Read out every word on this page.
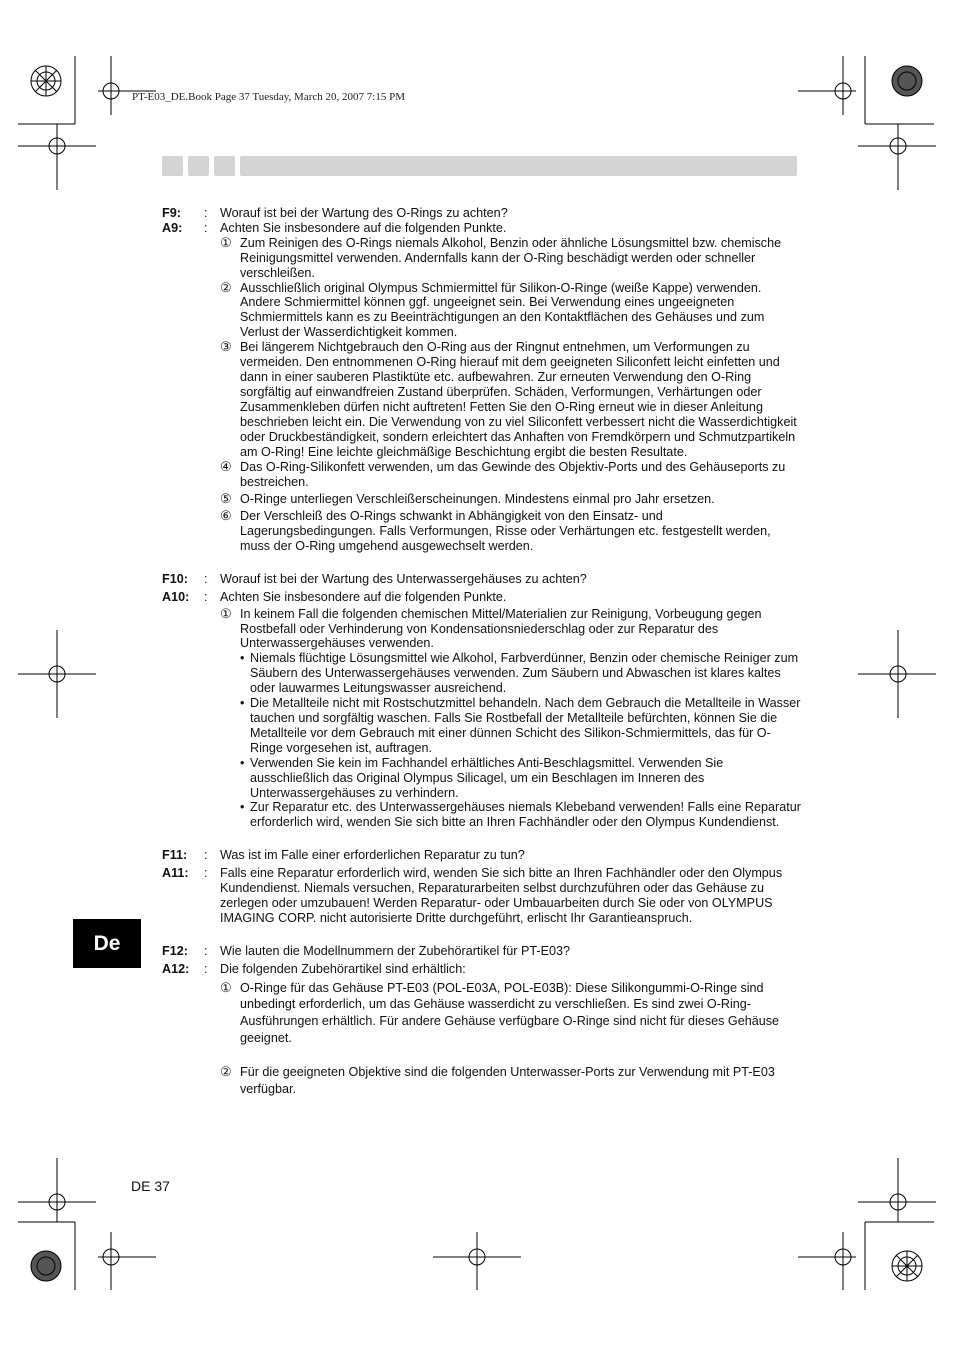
PT-E03_DE.Book Page 37 Tuesday, March 20, 2007 7:15 PM
F9:	: Worauf ist bei der Wartung des O-Rings zu achten?
A9:	: Achten Sie insbesondere auf die folgenden Punkte.
① Zum Reinigen des O-Rings niemals Alkohol, Benzin oder ähnliche Lösungsmittel bzw. chemische Reinigungsmittel verwenden. Andernfalls kann der O-Ring beschädigt werden oder schneller verschleißen.
② Ausschließlich original Olympus Schmiermittel für Silikon-O-Ringe (weiße Kappe) verwenden. Andere Schmiermittel können ggf. ungeeignet sein. Bei Verwendung eines ungeeigneten Schmiermittels kann es zu Beeinträchtigungen an den Kontaktflächen des Gehäuses und zum Verlust der Wasserdichtigkeit kommen.
③ Bei längerem Nichtgebrauch den O-Ring aus der Ringnut entnehmen, um Verformungen zu vermeiden. Den entnommenen O-Ring hierauf mit dem geeigneten Siliconfett leicht einfetten und dann in einer sauberen Plastiktüte etc. aufbewahren. Zur erneuten Verwendung den O-Ring sorgfältig auf einwandfreien Zustand überprüfen. Schäden, Verformungen, Verhärtungen oder Zusammenkleben dürfen nicht auftreten! Fetten Sie den O-Ring erneut wie in dieser Anleitung beschrieben leicht ein. Die Verwendung von zu viel Siliconfett verbessert nicht die Wasserdichtigkeit oder Druckbeständigkeit, sondern erleichtert das Anhaften von Fremdkörpern und Schmutzpartikeln am O-Ring! Eine leichte gleichmäßige Beschichtung ergibt die besten Resultate.
④ Das O-Ring-Silikonfett verwenden, um das Gewinde des Objektiv-Ports und des Gehäuseports zu bestreichen.
⑤ O-Ringe unterliegen Verschleißerscheinungen. Mindestens einmal pro Jahr ersetzen.
⑥ Der Verschleiß des O-Rings schwankt in Abhängigkeit von den Einsatz- und Lagerungsbedingungen. Falls Verformungen, Risse oder Verhärtungen etc. festgestellt werden, muss der O-Ring umgehend ausgewechselt werden.
F10:	: Worauf ist bei der Wartung des Unterwassergehäuses zu achten?
A10:	: Achten Sie insbesondere auf die folgenden Punkte.
① In keinem Fall die folgenden chemischen Mittel/Materialien zur Reinigung, Vorbeugung gegen Rostbefall oder Verhinderung von Kondensationsniederschlag oder zur Reparatur des Unterwassergehäuses verwenden.
• Niemals flüchtige Lösungsmittel wie Alkohol, Farbverdünner, Benzin oder chemische Reiniger zum Säubern des Unterwassergehäuses verwenden. Zum Säubern und Abwaschen ist klares kaltes oder lauwarmes Leitungswasser ausreichend.
• Die Metallteile nicht mit Rostschutzmittel behandeln. Nach dem Gebrauch die Metallteile in Wasser tauchen und sorgfältig waschen. Falls Sie Rostbefall der Metallteile befürchten, können Sie die Metallteile vor dem Gebrauch mit einer dünnen Schicht des Silikon-Schmiermittels, das für O-Ringe vorgesehen ist, auftragen.
• Verwenden Sie kein im Fachhandel erhältliches Anti-Beschlagsmittel. Verwenden Sie ausschließlich das Original Olympus Silicagel, um ein Beschlagen im Inneren des Unterwassergehäuses zu verhindern.
• Zur Reparatur etc. des Unterwassergehäuses niemals Klebeband verwenden! Falls eine Reparatur erforderlich wird, wenden Sie sich bitte an Ihren Fachhändler oder den Olympus Kundendienst.
F11:	: Was ist im Falle einer erforderlichen Reparatur zu tun?
A11:	: Falls eine Reparatur erforderlich wird, wenden Sie sich bitte an Ihren Fachhändler oder den Olympus Kundendienst. Niemals versuchen, Reparaturarbeiten selbst durchzuführen oder das Gehäuse zu zerlegen oder umzubauen! Werden Reparatur- oder Umbauarbeiten durch Sie oder von OLYMPUS IMAGING CORP. nicht autorisierte Dritte durchgeführt, erlischt Ihr Garantieanspruch.
F12:	: Wie lauten die Modellnummern der Zubehörartikel für PT-E03?
A12:	: Die folgenden Zubehörartikel sind erhältlich:
① O-Ringe für das Gehäuse PT-E03 (POL-E03A, POL-E03B): Diese Silikongummi-O-Ringe sind unbedingt erforderlich, um das Gehäuse wasserdicht zu verschließen. Es sind zwei O-Ring- Ausführungen erhältlich. Für andere Gehäuse verfügbare O-Ringe sind nicht für dieses Gehäuse geeignet.
② Für die geeigneten Objektive sind die folgenden Unterwasser-Ports zur Verwendung mit PT-E03 verfügbar.
De
DE 37
